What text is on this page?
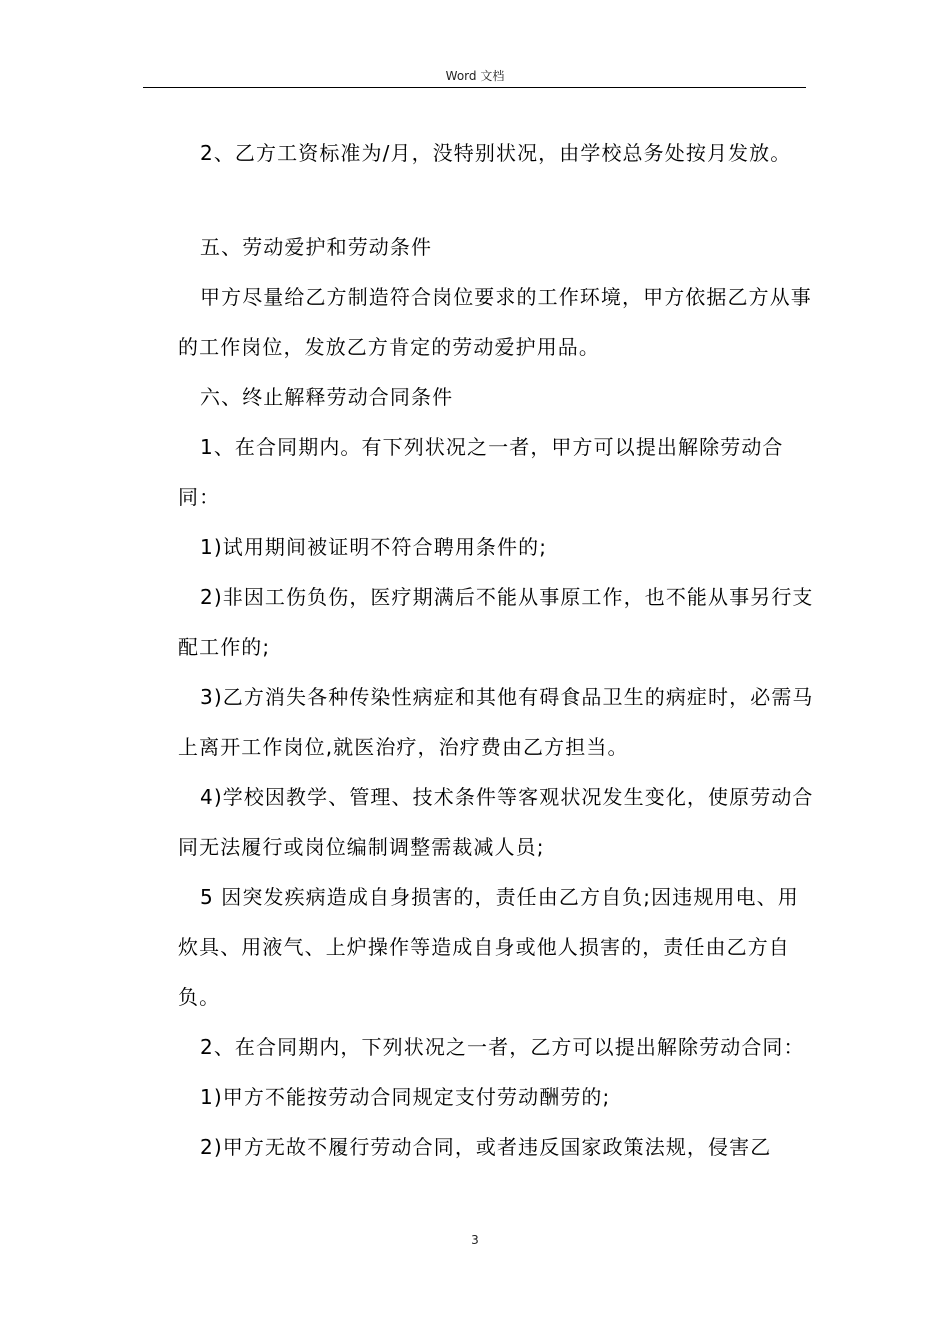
Word 文档

2、乙方工资标准为/月，没特别状况，由学校总务处按月发放。

五、劳动爱护和劳动条件

甲方尽量给乙方制造符合岗位要求的工作环境，甲方依据乙方从事的工作岗位，发放乙方肯定的劳动爱护用品。

六、终止解释劳动合同条件

1、在合同期内。有下列状况之一者，甲方可以提出解除劳动合同：

1)试用期间被证明不符合聘用条件的;

2)非因工伤负伤，医疗期满后不能从事原工作，也不能从事另行支配工作的;

3)乙方消失各种传染性病症和其他有碍食品卫生的病症时，必需马上离开工作岗位,就医治疗，治疗费由乙方担当。

4)学校因教学、管理、技术条件等客观状况发生变化，使原劳动合同无法履行或岗位编制调整需裁减人员;

5 因突发疾病造成自身损害的，责任由乙方自负;因违规用电、用炊具、用液气、上炉操作等造成自身或他人损害的，责任由乙方自负。

2、在合同期内，下列状况之一者，乙方可以提出解除劳动合同：

1)甲方不能按劳动合同规定支付劳动酬劳的;

2)甲方无故不履行劳动合同，或者违反国家政策法规，侵害乙

3
